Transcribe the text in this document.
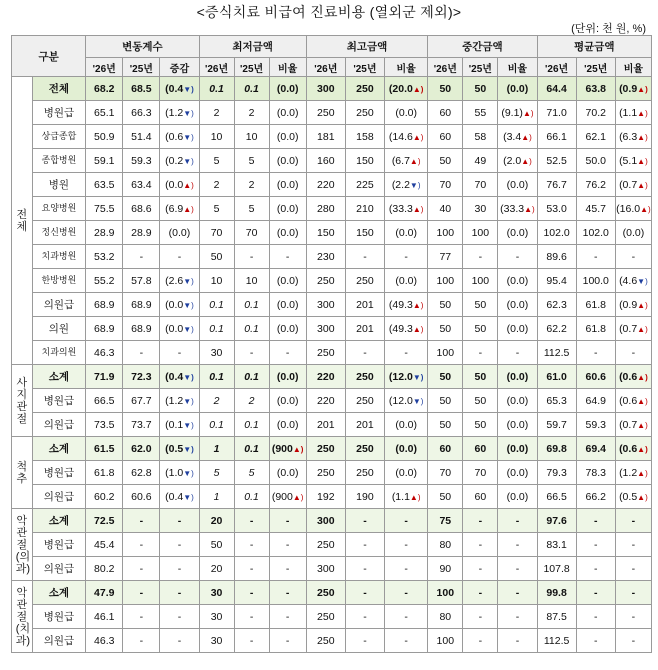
<증식치료 비급여 진료비용 (열외군 제외)>
(단위: 천 원, %)
구분		변동계수			최저금액			최고금액			중간금액			평균금액		
		'26년	'25년	증감	'26년	'25년	비율	'26년	'25년	비율	'26년	'25년	비율	'26년	'25년	비율
전체	전체	68.2	68.5	(0.4▼)	0.1	0.1	(0.0)	300	250	(20.0▲)	50	50	(0.0)	64.4	63.8	(0.9▲)
	병원급	65.1	66.3	(1.2▼)	2	2	(0.0)	250	250	(0.0)	60	55	(9.1)▲)	71.0	70.2	(1.1▲)
	상급종합	50.9	51.4	(0.6▼)	10	10	(0.0)	181	158	(14.6▲)	60	58	(3.4▲)	66.1	62.1	(6.3▲)
	종합병원	59.1	59.3	(0.2▼)	5	5	(0.0)	160	150	(6.7▲)	50	49	(2.0▲)	52.5	50.0	(5.1▲)
	병원	63.5	63.4	(0.0▲)	2	2	(0.0)	220	225	(2.2▼)	70	70	(0.0)	76.7	76.2	(0.7▲)
	요양병원	75.5	68.6	(6.9▲)	5	5	(0.0)	280	210	(33.3▲)	40	30	(33.3▲)	53.0	45.7	(16.0▲)
	정신병원	28.9	28.9	(0.0)	70	70	(0.0)	150	150	(0.0)	100	100	(0.0)	102.0	102.0	(0.0)
	치과병원	53.2	-	-	50	-	-	230	-	-	77	-	-	89.6	-	-
	한방병원	55.2	57.8	(2.6▼)	10	10	(0.0)	250	250	(0.0)	100	100	(0.0)	95.4	100.0	(4.6▼)
	의원급	68.9	68.9	(0.0▼)	0.1	0.1	(0.0)	300	201	(49.3▲)	50	50	(0.0)	62.3	61.8	(0.9▲)
	의원	68.9	68.9	(0.0▼)	0.1	0.1	(0.0)	300	201	(49.3▲)	50	50	(0.0)	62.2	61.8	(0.7▲)
	치과의원	46.3	-	-	30	-	-	250	-	-	100	-	-	112.5	-	-
사지관절	소계	71.9	72.3	(0.4▼)	0.1	0.1	(0.0)	220	250	(12.0▼)	50	50	(0.0)	61.0	60.6	(0.6▲)
	병원급	66.5	67.7	(1.2▼)	2	2	(0.0)	220	250	(12.0▼)	50	50	(0.0)	65.3	64.9	(0.6▲)
	의원급	73.5	73.7	(0.1▼)	0.1	0.1	(0.0)	201	201	(0.0)	50	50	(0.0)	59.7	59.3	(0.7▲)
척추	소계	61.5	62.0	(0.5▼)	1	0.1	(900▲)	250	250	(0.0)	60	60	(0.0)	69.8	69.4	(0.6▲)
	병원급	61.8	62.8	(1.0▼)	5	5	(0.0)	250	250	(0.0)	70	70	(0.0)	79.3	78.3	(1.2▲)
	의원급	60.2	60.6	(0.4▼)	1	0.1	(900▲)	192	190	(1.1▲)	50	60	(0.0)	66.5	66.2	(0.5▲)
악관절(의과)	소계	72.5	-	-	20	-	-	300	-	-	75	-	-	97.6	-	-
	병원급	45.4	-	-	50	-	-	250	-	-	80	-	-	83.1	-	-
	의원급	80.2	-	-	20	-	-	300	-	-	90	-	-	107.8	-	-
악관절(치과)	소계	47.9	-	-	30	-	-	250	-	-	100	-	-	99.8	-	-
	병원급	46.1	-	-	30	-	-	250	-	-	80	-	-	87.5	-	-
	의원급	46.3	-	-	30	-	-	250	-	-	100	-	-	112.5	-	-
